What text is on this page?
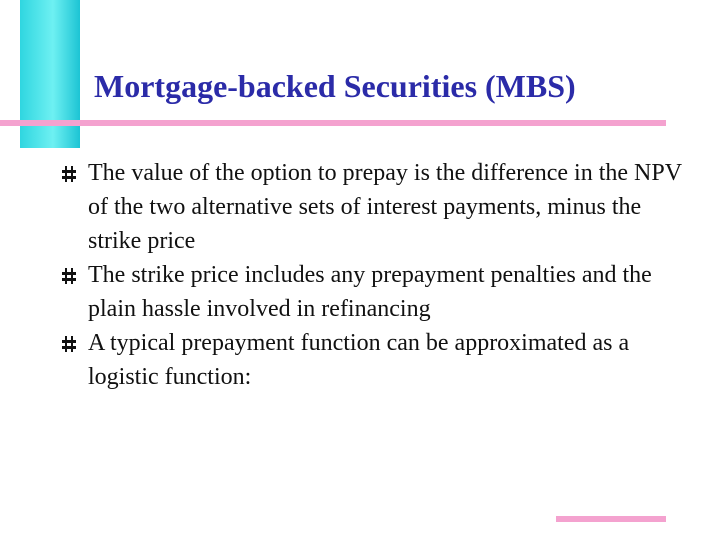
Mortgage-backed Securities (MBS)
The value of the option to prepay is the difference in the NPV of the two alternative sets of interest payments, minus the strike price
The strike price includes any prepayment penalties and the plain hassle involved in refinancing
A typical prepayment function can be approximated as a logistic function:
